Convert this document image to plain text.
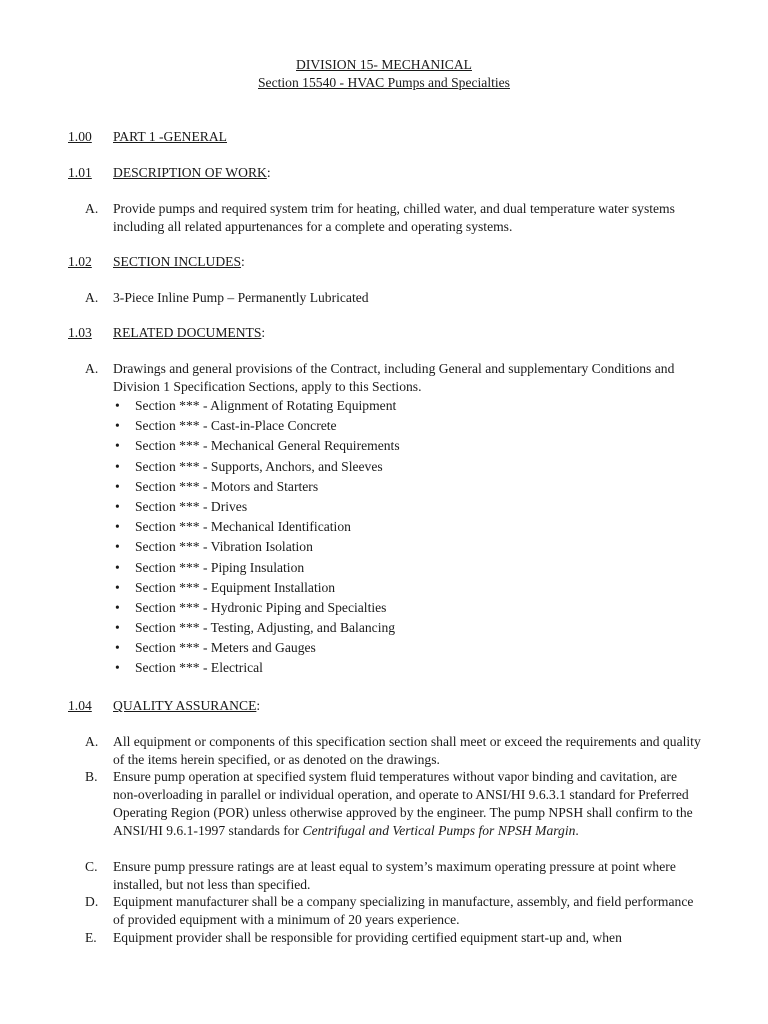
DIVISION 15- MECHANICAL
Section 15540 - HVAC Pumps and Specialties
1.00 PART 1 -GENERAL
1.01 DESCRIPTION OF WORK:
A. Provide pumps and required system trim for heating, chilled water, and dual temperature water systems including all related appurtenances for a complete and operating systems.
1.02 SECTION INCLUDES:
A. 3-Piece Inline Pump – Permanently Lubricated
1.03 RELATED DOCUMENTS:
A. Drawings and general provisions of the Contract, including General and supplementary Conditions and Division 1 Specification Sections, apply to this Sections.
• Section *** - Alignment of Rotating Equipment
• Section *** - Cast-in-Place Concrete
• Section *** - Mechanical General Requirements
• Section *** - Supports, Anchors, and Sleeves
• Section *** - Motors and Starters
• Section *** - Drives
• Section *** - Mechanical Identification
• Section *** - Vibration Isolation
• Section *** - Piping Insulation
• Section *** - Equipment Installation
• Section *** - Hydronic Piping and Specialties
• Section *** - Testing, Adjusting, and Balancing
• Section *** - Meters and Gauges
• Section *** - Electrical
1.04 QUALITY ASSURANCE:
A. All equipment or components of this specification section shall meet or exceed the requirements and quality of the items herein specified, or as denoted on the drawings.
B. Ensure pump operation at specified system fluid temperatures without vapor binding and cavitation, are non-overloading in parallel or individual operation, and operate to ANSI/HI 9.6.3.1 standard for Preferred Operating Region (POR) unless otherwise approved by the engineer. The pump NPSH shall confirm to the ANSI/HI 9.6.1-1997 standards for Centrifugal and Vertical Pumps for NPSH Margin.
C. Ensure pump pressure ratings are at least equal to system’s maximum operating pressure at point where installed, but not less than specified.
D. Equipment manufacturer shall be a company specializing in manufacture, assembly, and field performance of provided equipment with a minimum of 20 years experience.
E. Equipment provider shall be responsible for providing certified equipment start-up and, when
